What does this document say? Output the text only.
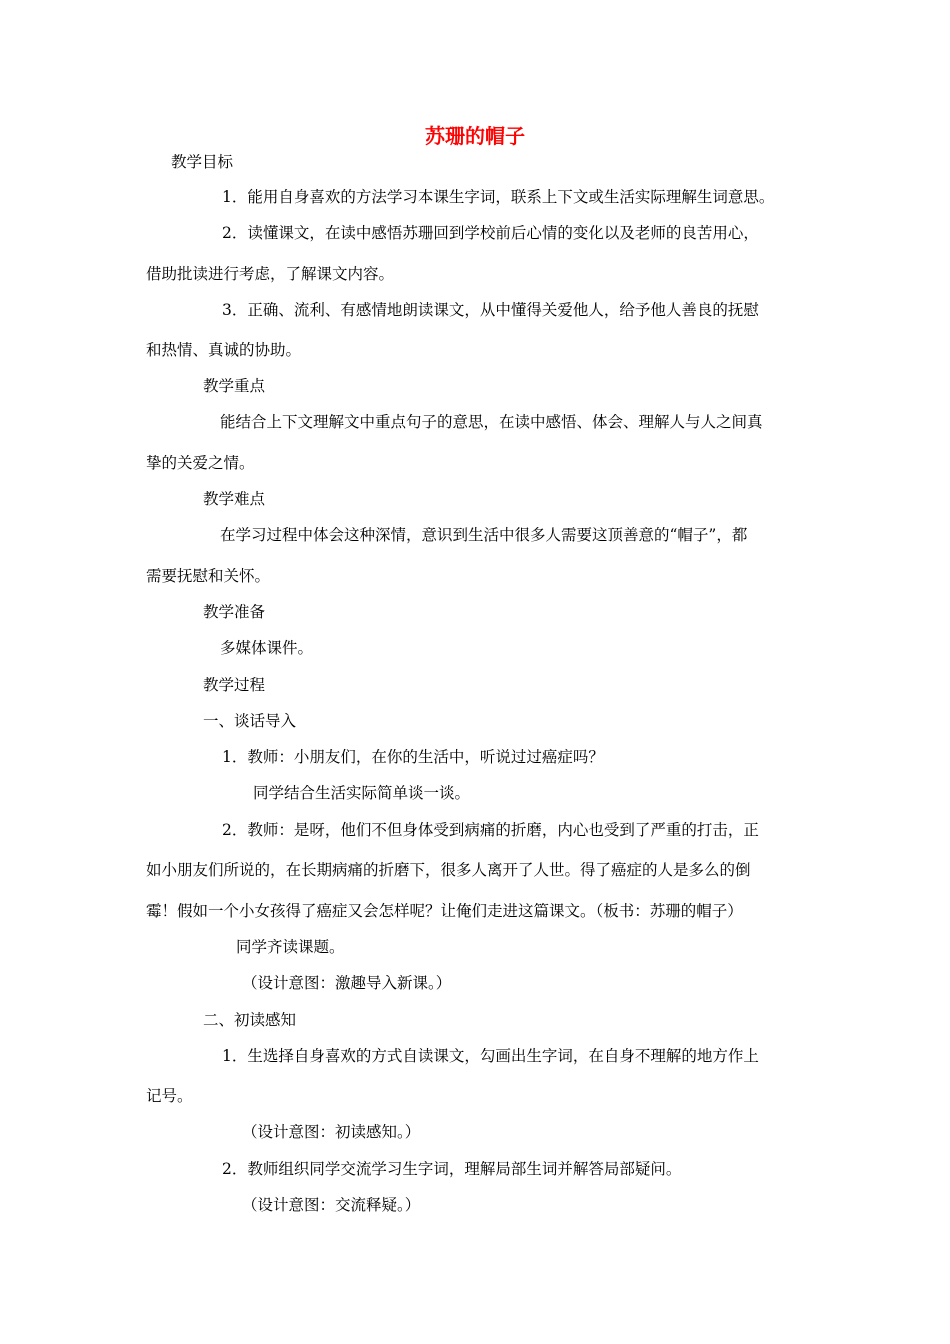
苏珊的帽子

教学目标

1．能用自身喜欢的方法学习本课生字词，联系上下文或生活实际理解生词意思。

2．读懂课文，在读中感悟苏珊回到学校前后心情的变化以及老师的良苦用心，

借助批读进行考虑，了解课文内容。

3．正确、流利、有感情地朗读课文，从中懂得关爱他人，给予他人善良的抚慰

和热情、真诚的协助。

教学重点

能结合上下文理解文中重点句子的意思，在读中感悟、体会、理解人与人之间真

挚的关爱之情。

教学难点

在学习过程中体会这种深情，意识到生活中很多人需要这顶善意的“帽子”，都

需要抚慰和关怀。

教学准备

多媒体课件。

教学过程

一、谈话导入

1．教师：小朋友们，在你的生活中，听说过过癌症吗？

同学结合生活实际简单谈一谈。

2．教师：是呀，他们不但身体受到病痛的折磨，内心也受到了严重的打击，正

如小朋友们所说的，在长期病痛的折磨下，很多人离开了人世。得了癌症的人是多么的倒

霉！假如一个小女孩得了癌症又会怎样呢？让俺们走进这篇课文。（板书：苏珊的帽子）

同学齐读课题。

（设计意图：激趣导入新课。）

二、初读感知

1．生选择自身喜欢的方式自读课文，勾画出生字词，在自身不理解的地方作上

记号。

（设计意图：初读感知。）

2．教师组织同学交流学习生字词，理解局部生词并解答局部疑问。

（设计意图：交流释疑。）
